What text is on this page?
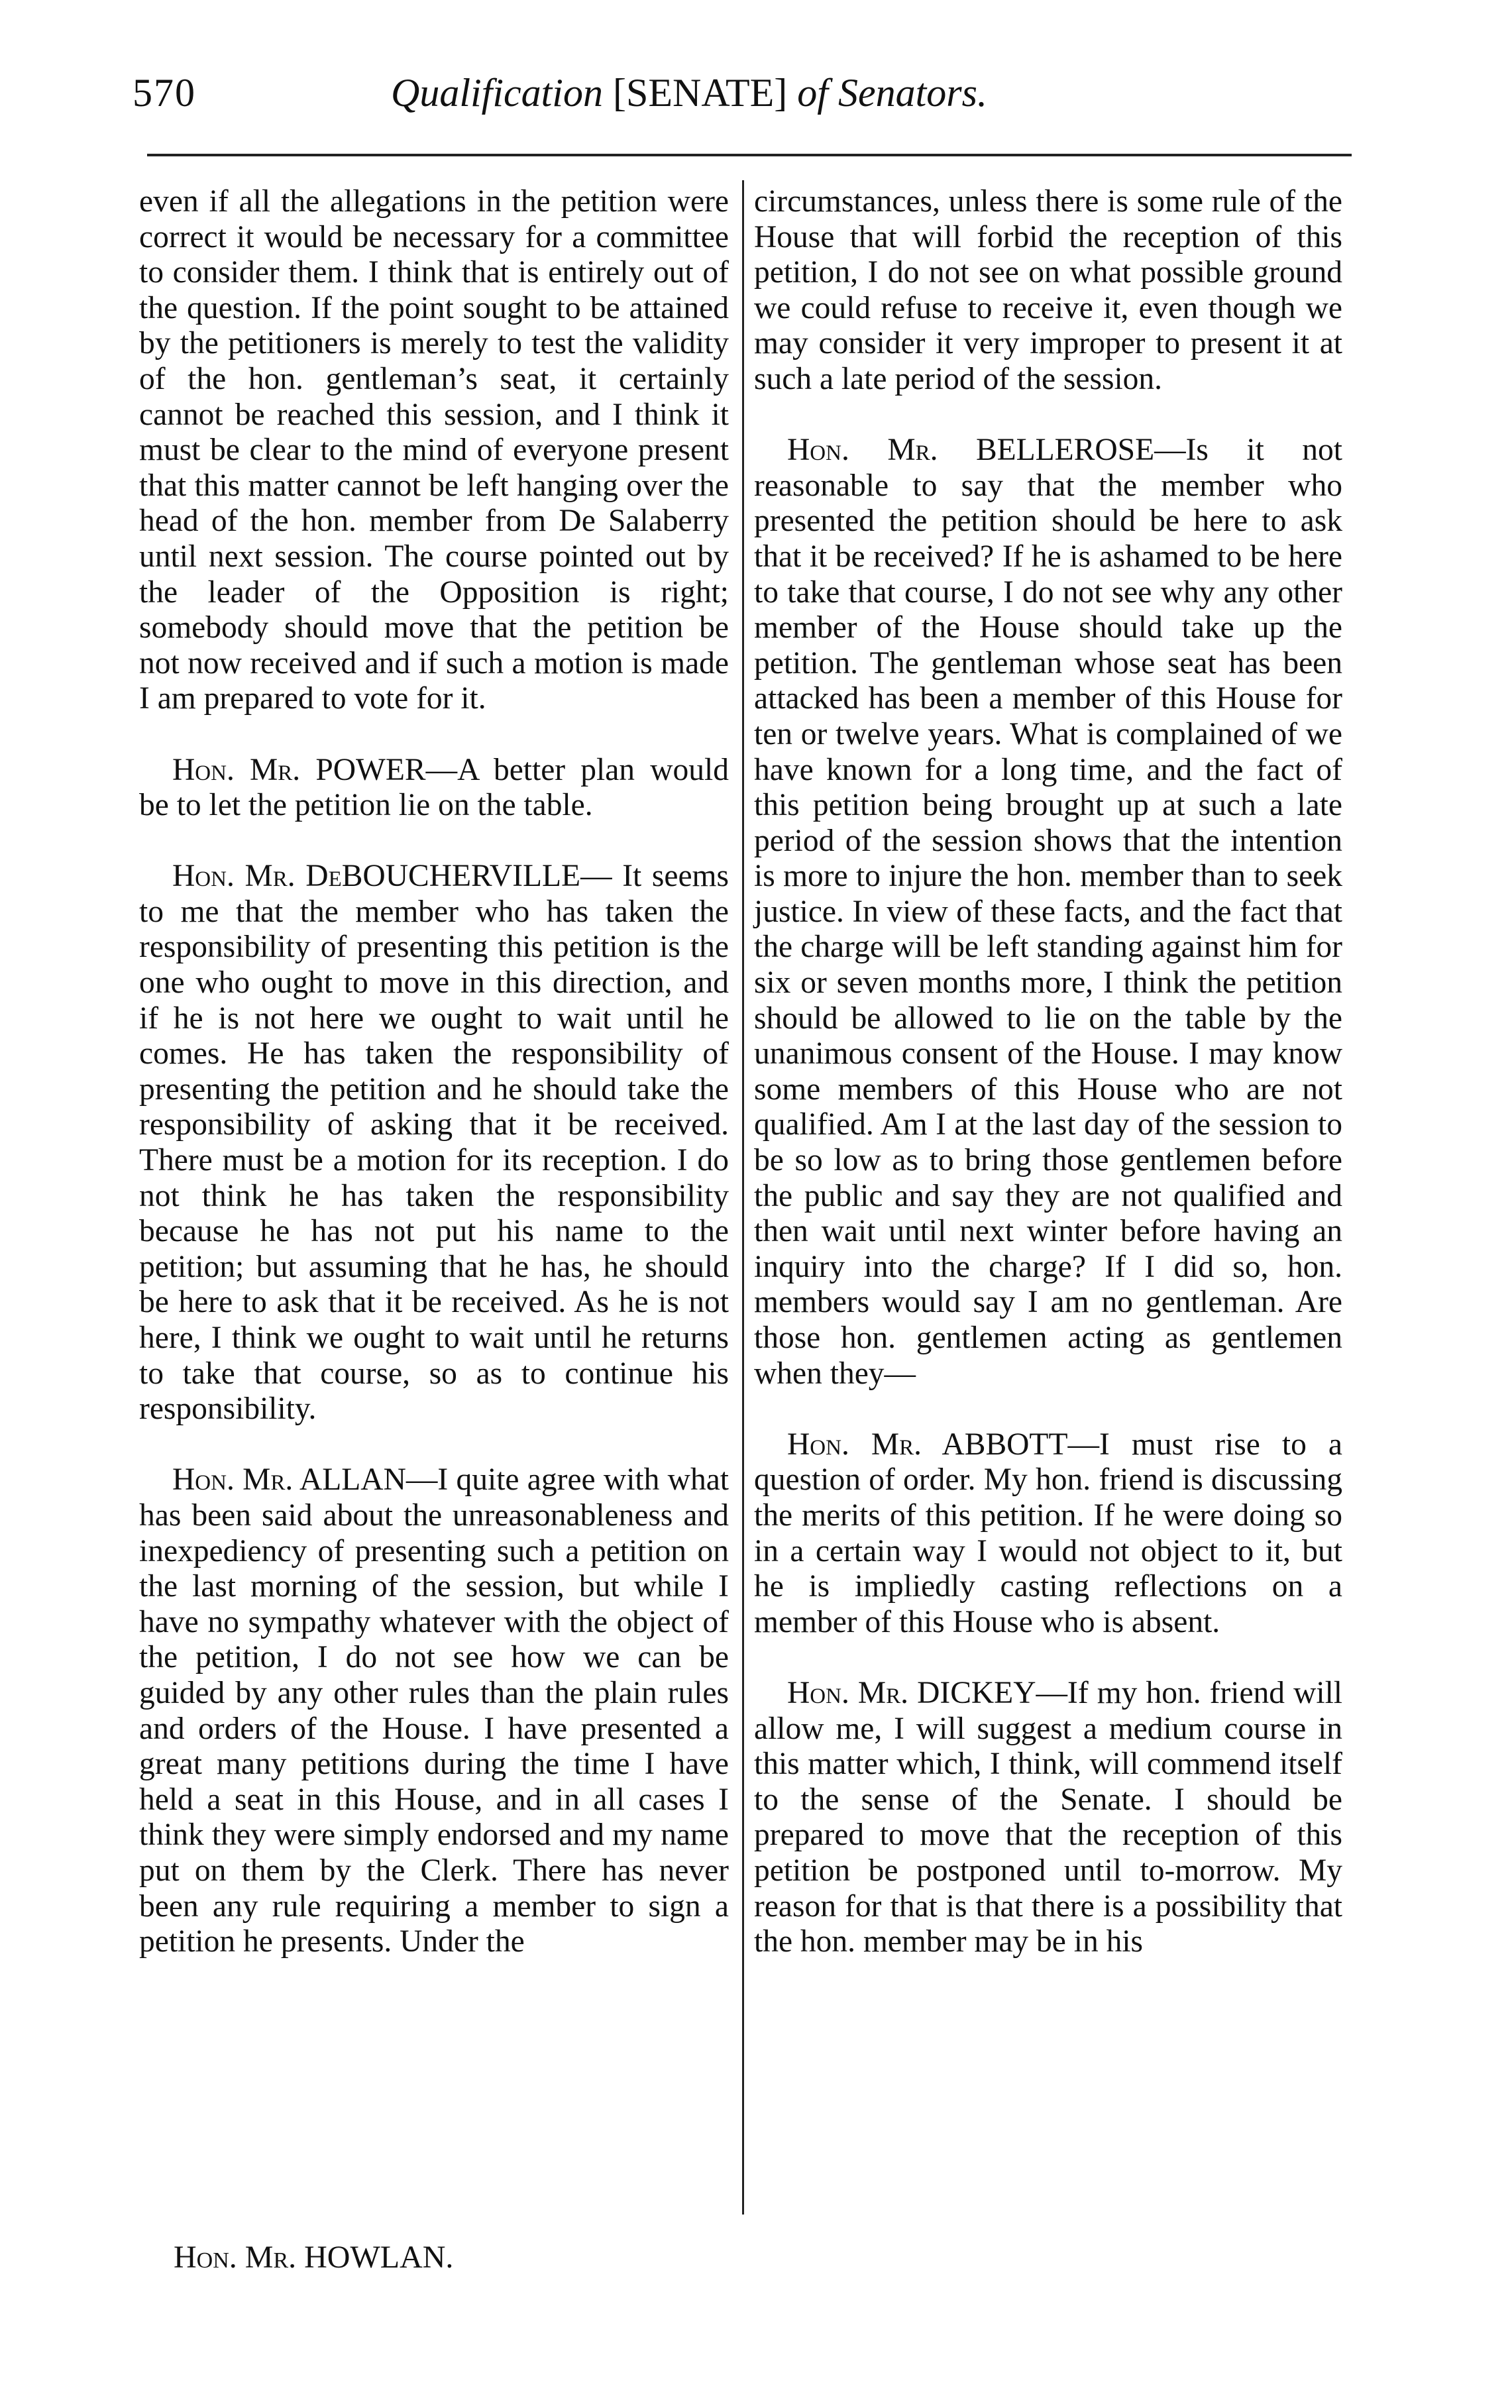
570	Qualification [SENATE] of Senators.

even if all the allegations in the petition were correct it would be necessary for a committee to consider them. I think that is entirely out of the question. If the point sought to be attained by the petitioners is merely to test the validity of the hon. gentleman’s seat, it certainly cannot be reached this session, and I think it must be clear to the mind of everyone present that this matter cannot be left hanging over the head of the hon. member from De Salaberry until next session. The course pointed out by the leader of the Opposition is right; somebody should move that the petition be not now received and if such a motion is made I am prepared to vote for it.

Hon. Mr. POWER—A better plan would be to let the petition lie on the table.

Hon. Mr. DeBOUCHERVILLE— It seems to me that the member who has taken the responsibility of presenting this petition is the one who ought to move in this direction, and if he is not here we ought to wait until he comes. He has taken the responsibility of presenting the petition and he should take the responsibility of asking that it be received. There must be a motion for its reception. I do not think he has taken the responsibility because he has not put his name to the petition; but assuming that he has, he should be here to ask that it be received. As he is not here, I think we ought to wait until he returns to take that course, so as to continue his responsibility.

Hon. Mr. ALLAN—I quite agree with what has been said about the unreasonableness and inexpediency of presenting such a petition on the last morning of the session, but while I have no sympathy whatever with the object of the petition, I do not see how we can be guided by any other rules than the plain rules and orders of the House. I have presented a great many petitions during the time I have held a seat in this House, and in all cases I think they were simply endorsed and my name put on them by the Clerk. There has never been any rule requiring a member to sign a petition he presents. Under the

circumstances, unless there is some rule of the House that will forbid the reception of this petition, I do not see on what possible ground we could refuse to receive it, even though we may consider it very improper to present it at such a late period of the session.

Hon. Mr. BELLEROSE—Is it not reasonable to say that the member who presented the petition should be here to ask that it be received? If he is ashamed to be here to take that course, I do not see why any other member of the House should take up the petition. The gentleman whose seat has been attacked has been a member of this House for ten or twelve years. What is complained of we have known for a long time, and the fact of this petition being brought up at such a late period of the session shows that the intention is more to injure the hon. member than to seek justice. In view of these facts, and the fact that the charge will be left standing against him for six or seven months more, I think the petition should be allowed to lie on the table by the unanimous consent of the House. I may know some members of this House who are not qualified. Am I at the last day of the session to be so low as to bring those gentlemen before the public and say they are not qualified and then wait until next winter before having an inquiry into the charge? If I did so, hon. members would say I am no gentleman. Are those hon. gentlemen acting as gentlemen when they—

Hon. Mr. ABBOTT—I must rise to a question of order. My hon. friend is discussing the merits of this petition. If he were doing so in a certain way I would not object to it, but he is impliedly casting reflections on a member of this House who is absent.

Hon. Mr. DICKEY—If my hon. friend will allow me, I will suggest a medium course in this matter which, I think, will commend itself to the sense of the Senate. I should be prepared to move that the reception of this petition be postponed until to-morrow. My reason for that is that there is a possibility that the hon. member may be in his

Hon. Mr. HOWLAN.
